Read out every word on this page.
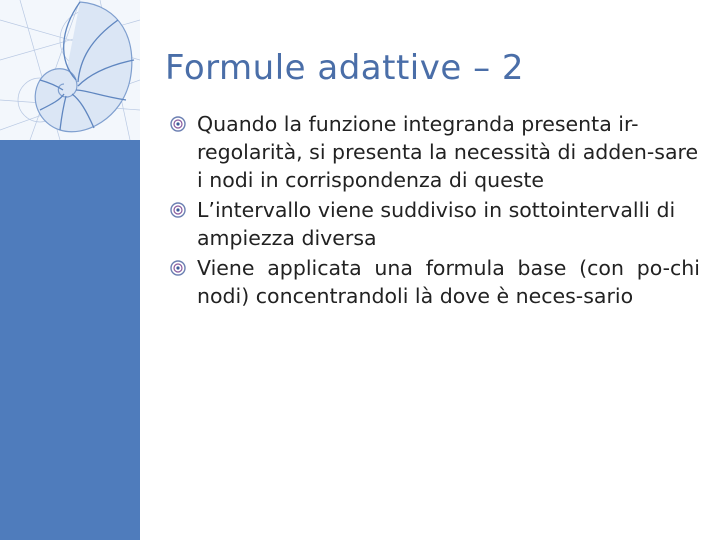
Formule adattive – 2
Quando la funzione integranda presenta ir-regolarità, si presenta la necessità di adden-sare i nodi in corrispondenza di queste
L’intervallo viene suddiviso in sottointervalli di ampiezza diversa
Viene applicata una formula base (con po-chi nodi) concentrandoli là dove è neces-sario
